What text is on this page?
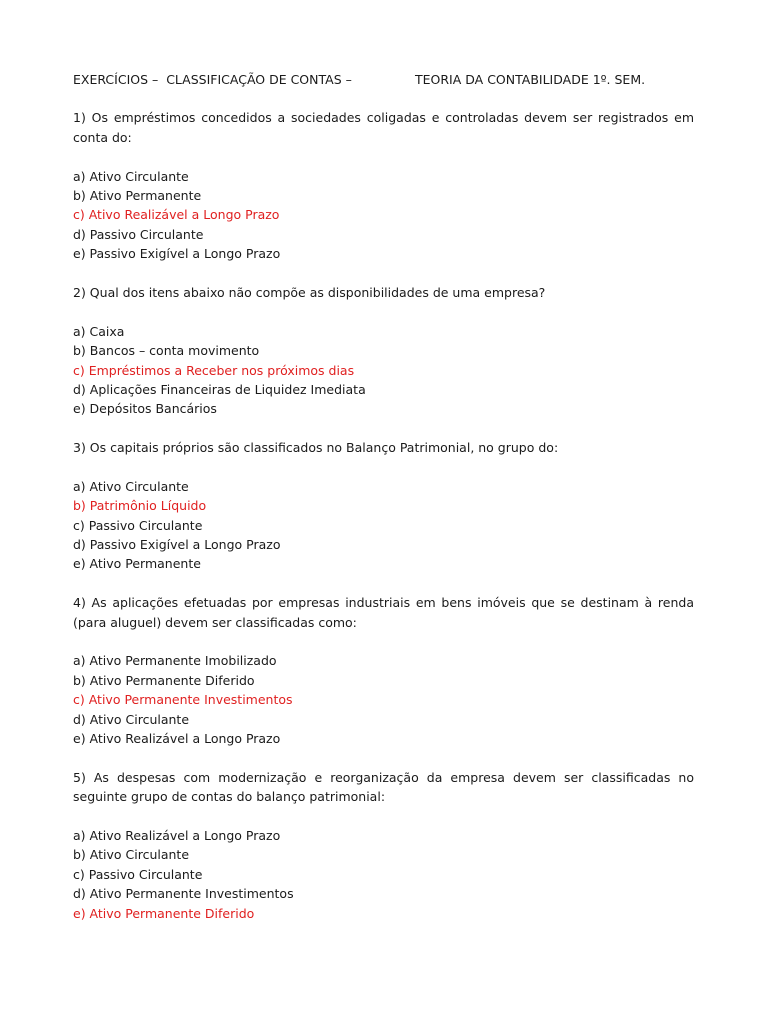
EXERCÍCIOS –  CLASSIFICAÇÃO DE CONTAS –

	TEORIA DA CONTABILIDADE 1º. SEM.

1) Os empréstimos concedidos a sociedades coligadas e controladas devem ser registrados em conta do:
a) Ativo Circulante
b) Ativo Permanente
c) Ativo Realizável a Longo Prazo
d) Passivo Circulante
e) Passivo Exigível a Longo Prazo
2) Qual dos itens abaixo não compõe as disponibilidades de uma empresa?
a) Caixa
b) Bancos – conta movimento
c) Empréstimos a Receber nos próximos dias
d) Aplicações Financeiras de Liquidez Imediata
e) Depósitos Bancários
3) Os capitais próprios são classificados no Balanço Patrimonial, no grupo do:
a) Ativo Circulante
b) Patrimônio Líquido
c) Passivo Circulante
d) Passivo Exigível a Longo Prazo
e) Ativo Permanente
4) As aplicações efetuadas por empresas industriais em bens imóveis que se destinam à renda (para aluguel) devem ser classificadas como:
a) Ativo Permanente Imobilizado
b) Ativo Permanente Diferido
c) Ativo Permanente Investimentos
d) Ativo Circulante
e) Ativo Realizável a Longo Prazo
5) As despesas com modernização e reorganização da empresa devem ser classificadas no seguinte grupo de contas do balanço patrimonial:
a) Ativo Realizável a Longo Prazo
b) Ativo Circulante
c) Passivo Circulante
d) Ativo Permanente Investimentos
e) Ativo Permanente Diferido
